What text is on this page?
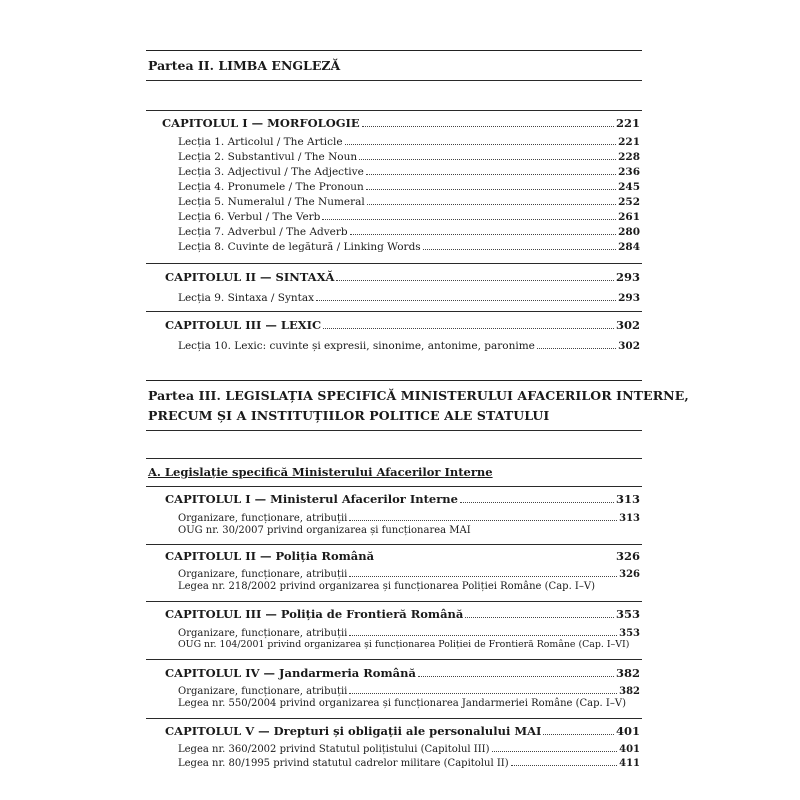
Partea II. LIMBA ENGLEZĂ
CAPITOLUL I — MORFOLOGIE	221
Lecția 1. Articolul / The Article	221
Lecția 2. Substantivul / The Noun	228
Lecția 3. Adjectivul / The Adjective	236
Lecția 4. Pronumele / The Pronoun	245
Lecția 5. Numeralul / The Numeral	252
Lecția 6. Verbul / The Verb	261
Lecția 7. Adverbul / The Adverb	280
Lecția 8. Cuvinte de legătură / Linking Words	284
CAPITOLUL II — SINTAXĂ	293
Lecția 9. Sintaxa / Syntax	293
CAPITOLUL III — LEXIC	302
Lecția 10. Lexic: cuvinte și expresii, sinonime, antonime, paronime	302
Partea III. LEGISLAȚIA SPECIFICĂ MINISTERULUI AFACERILOR INTERNE,
PRECUM ȘI A INSTITUȚIILOR POLITICE ALE STATULUI
A. Legislație specifică Ministerului Afacerilor Interne
CAPITOLUL I — Ministerul Afacerilor Interne	313
Organizare, funcționare, atribuții	313
OUG nr. 30/2007 privind organizarea și funcționarea MAI
CAPITOLUL II — Poliția Română	326
Organizare, funcționare, atribuții	326
Legea nr. 218/2002 privind organizarea și funcționarea Poliției Române (Cap. I–V)
CAPITOLUL III — Poliția de Frontieră Română	353
Organizare, funcționare, atribuții	353
OUG nr. 104/2001 privind organizarea și funcționarea Poliției de Frontieră Române (Cap. I–VI)
CAPITOLUL IV — Jandarmeria Română	382
Organizare, funcționare, atribuții	382
Legea nr. 550/2004 privind organizarea și funcționarea Jandarmeriei Române (Cap. I–V)
CAPITOLUL V — Drepturi și obligații ale personalului MAI	401
Legea nr. 360/2002 privind Statutul polițistului (Capitolul III)	401
Legea nr. 80/1995 privind statutul cadrelor militare (Capitolul II)	411
